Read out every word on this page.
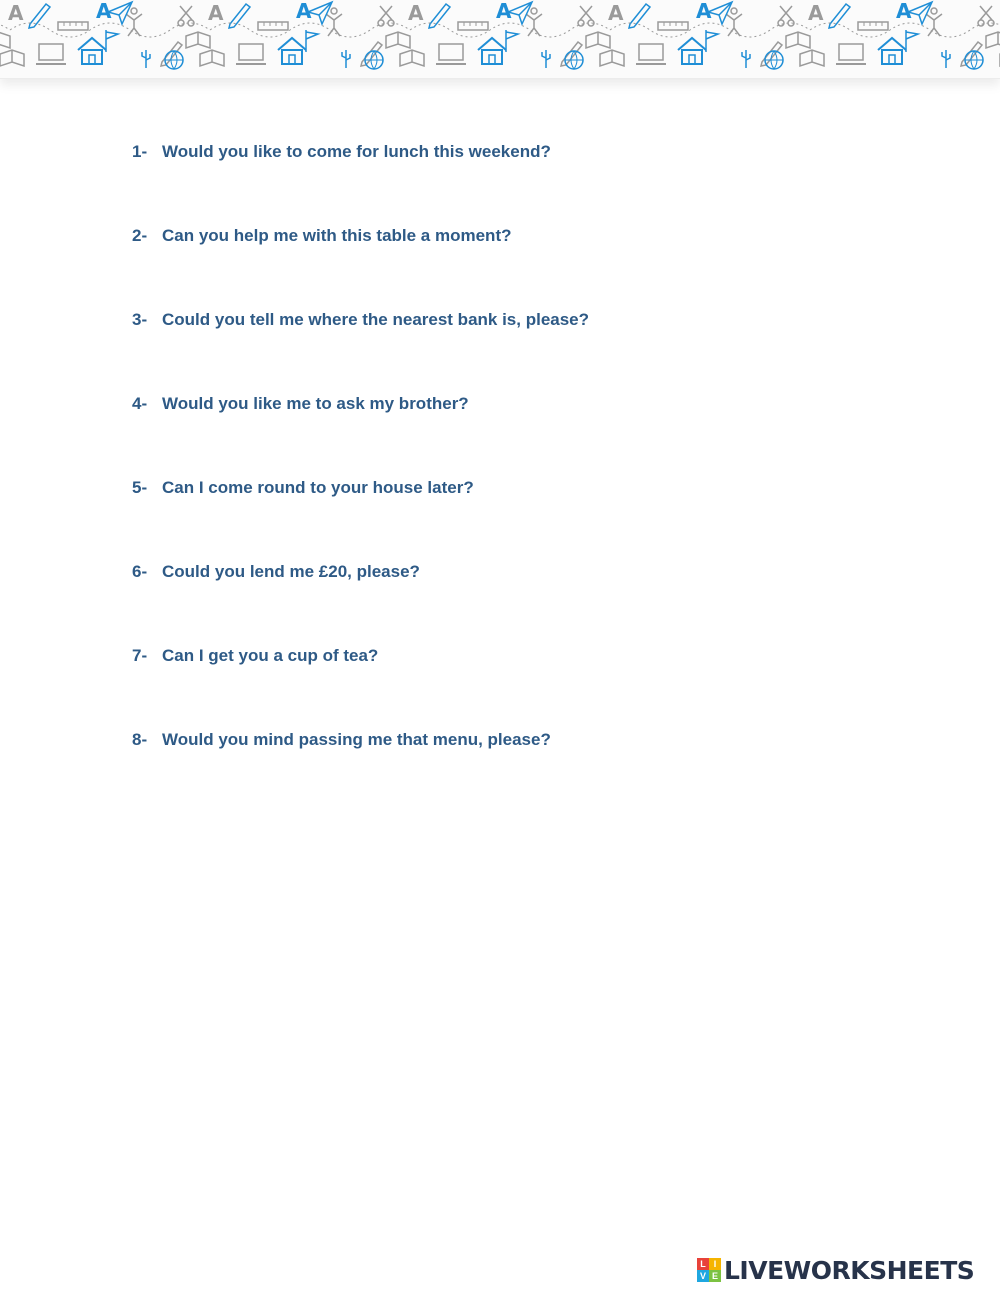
A	A	A	A	A	A	A	A	A	A
1- Would you like to come for lunch this weekend?
2- Can you help me with this table a moment?
3- Could you tell me where the nearest bank is, please?
4- Would you like me to ask my brother?
5- Can I come round to your house later?
6- Could you lend me £20, please?
7- Can I get you a cup of tea?
8- Would you mind passing me that menu, please?
L I
V E LIVEWORKSHEETS
